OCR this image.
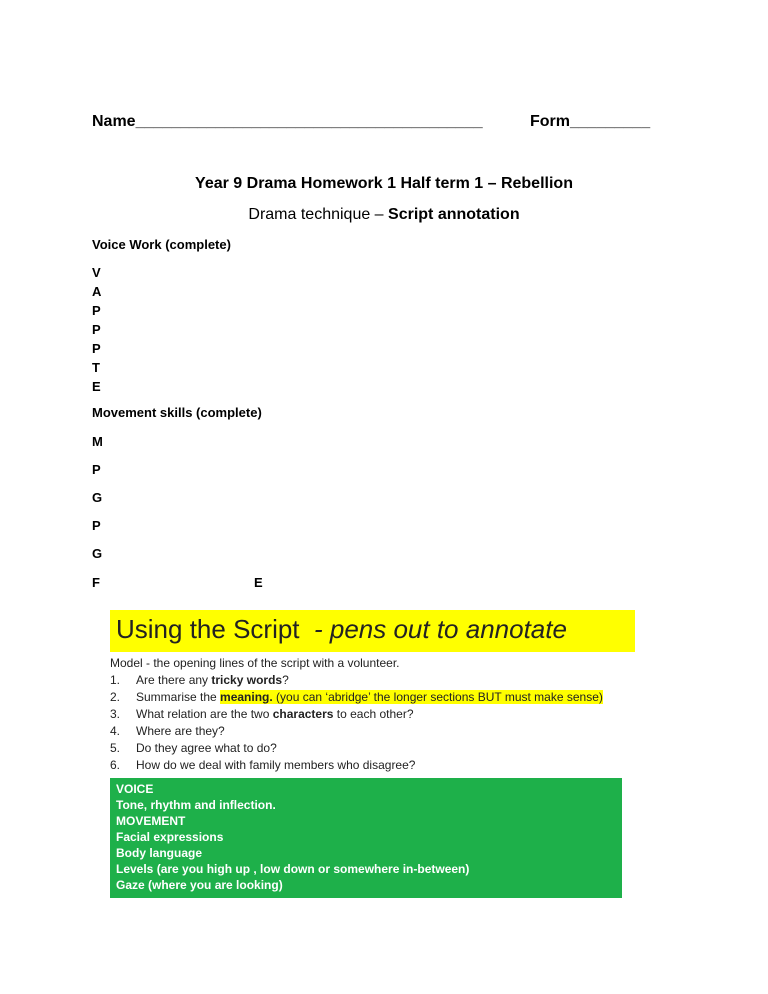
Name_______________________________________	Form_________
Year 9 Drama Homework 1 Half term 1 – Rebellion
Drama technique – Script annotation
Voice Work (complete)
V
A
P
P
P
T
E
Movement skills (complete)
M
P
G
P
G
F	E
Using the Script - pens out to annotate
Model - the opening lines of the script with a volunteer.
1. Are there any tricky words?
2. Summarise the meaning. (you can ‘abridge’ the longer sections BUT must make sense)
3. What relation are the two characters to each other?
4. Where are they?
5. Do they agree what to do?
6. How do we deal with family members who disagree?
VOICE
Tone, rhythm and inflection.
MOVEMENT
Facial expressions
Body language
Levels (are you high up , low down or somewhere in-between)
Gaze (where you are looking)
